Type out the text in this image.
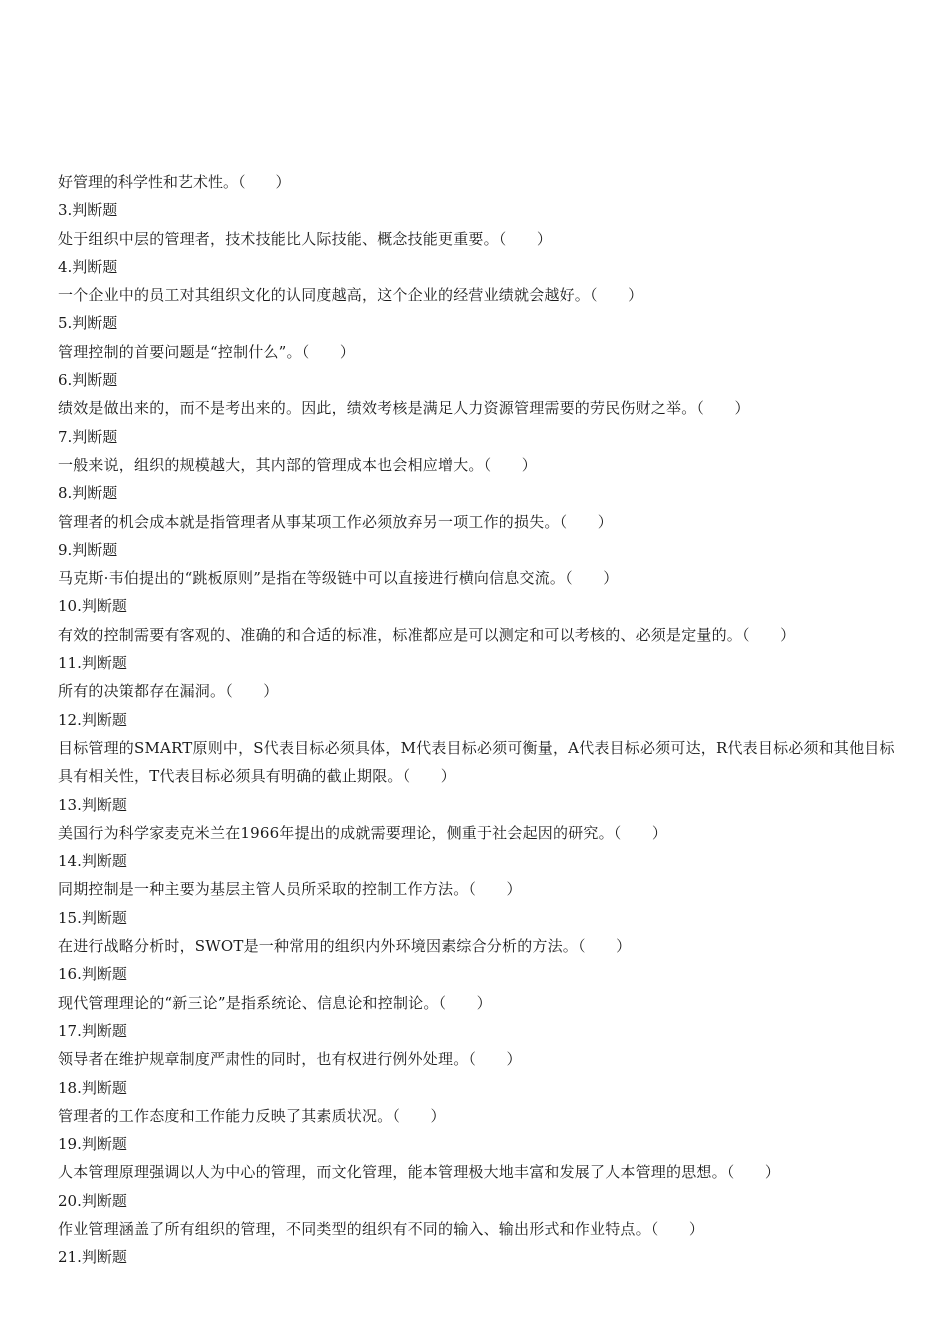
好管理的科学性和艺术性。（　　）
3.判断题
处于组织中层的管理者，技术技能比人际技能、概念技能更重要。（　　）
4.判断题
一个企业中的员工对其组织文化的认同度越高，这个企业的经营业绩就会越好。（　　）
5.判断题
管理控制的首要问题是“控制什么”。（　　）
6.判断题
绩效是做出来的，而不是考出来的。因此，绩效考核是满足人力资源管理需要的劳民伤财之举。（　　）
7.判断题
一般来说，组织的规模越大，其内部的管理成本也会相应增大。（　　）
8.判断题
管理者的机会成本就是指管理者从事某项工作必须放弃另一项工作的损失。（　　）
9.判断题
马克斯·韦伯提出的“跳板原则”是指在等级链中可以直接进行横向信息交流。（　　）
10.判断题
有效的控制需要有客观的、准确的和合适的标准，标准都应是可以测定和可以考核的、必须是定量的。（　　）
11.判断题
所有的决策都存在漏洞。（　　）
12.判断题
目标管理的SMART原则中，S代表目标必须具体，M代表目标必须可衡量，A代表目标必须可达，R代表目标必须和其他目标具有相关性，T代表目标必须具有明确的截止期限。（　　）
13.判断题
美国行为科学家麦克米兰在1966年提出的成就需要理论，侧重于社会起因的研究。（　　）
14.判断题
同期控制是一种主要为基层主管人员所采取的控制工作方法。（　　）
15.判断题
在进行战略分析时，SWOT是一种常用的组织内外环境因素综合分析的方法。（　　）
16.判断题
现代管理理论的“新三论”是指系统论、信息论和控制论。（　　）
17.判断题
领导者在维护规章制度严肃性的同时，也有权进行例外处理。（　　）
18.判断题
管理者的工作态度和工作能力反映了其素质状况。（　　）
19.判断题
人本管理原理强调以人为中心的管理，而文化管理，能本管理极大地丰富和发展了人本管理的思想。（　　）
20.判断题
作业管理涵盖了所有组织的管理，不同类型的组织有不同的输入、输出形式和作业特点。（　　）
21.判断题
